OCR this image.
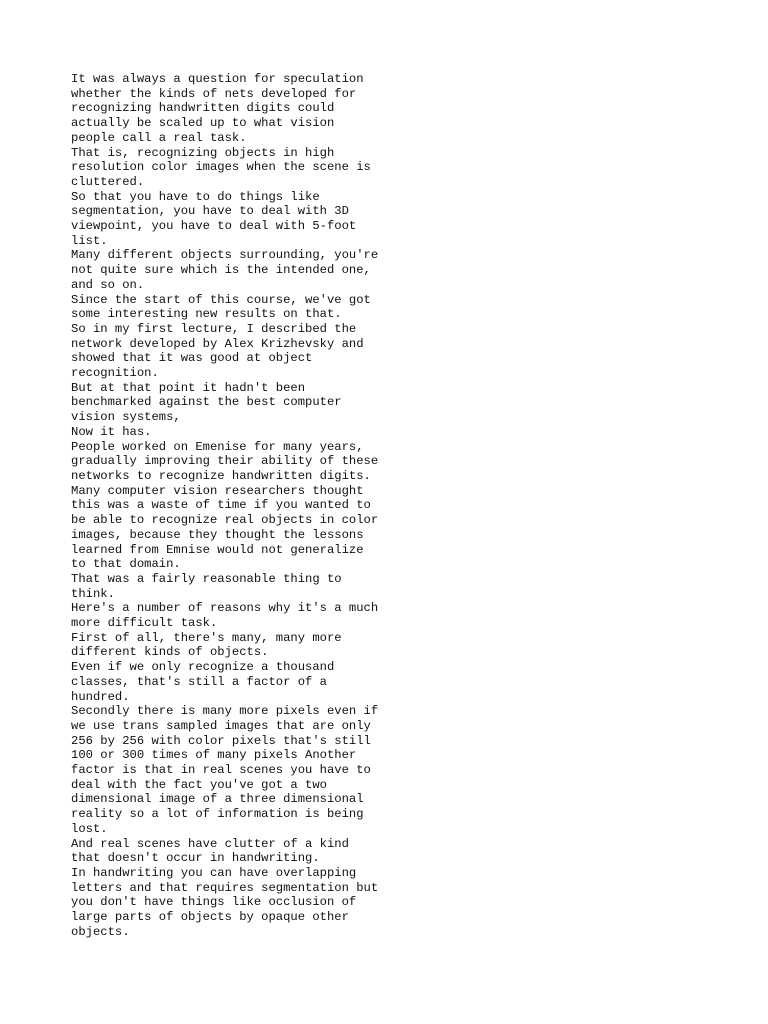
It was always a question for speculation
whether the kinds of nets developed for
recognizing handwritten digits could
actually be scaled up to what vision
people call a real task.
That is, recognizing objects in high
resolution color images when the scene is
cluttered.
So that you have to do things like
segmentation, you have to deal with 3D
viewpoint, you have to deal with 5-foot
list.
Many different objects surrounding, you're
not quite sure which is the intended one,
and so on.
Since the start of this course, we've got
some interesting new results on that.
So in my first lecture, I described the
network developed by Alex Krizhevsky and
showed that it was good at object
recognition.
But at that point it hadn't been
benchmarked against the best computer
vision systems,
Now it has.
People worked on Emenise for many years,
gradually improving their ability of these
networks to recognize handwritten digits.
Many computer vision researchers thought
this was a waste of time if you wanted to
be able to recognize real objects in color
images, because they thought the lessons
learned from Emnise would not generalize
to that domain.
That was a fairly reasonable thing to
think.
Here's a number of reasons why it's a much
more difficult task.
First of all, there's many, many more
different kinds of objects.
Even if we only recognize a thousand
classes, that's still a factor of a
hundred.
Secondly there is many more pixels even if
we use trans sampled images that are only
256 by 256 with color pixels that's still
100 or 300 times of many pixels Another
factor is that in real scenes you have to
deal with the fact you've got a two
dimensional image of a three dimensional
reality so a lot of information is being
lost.
And real scenes have clutter of a kind
that doesn't occur in handwriting.
In handwriting you can have overlapping
letters and that requires segmentation but
you don't have things like occlusion of
large parts of objects by opaque other
objects.
